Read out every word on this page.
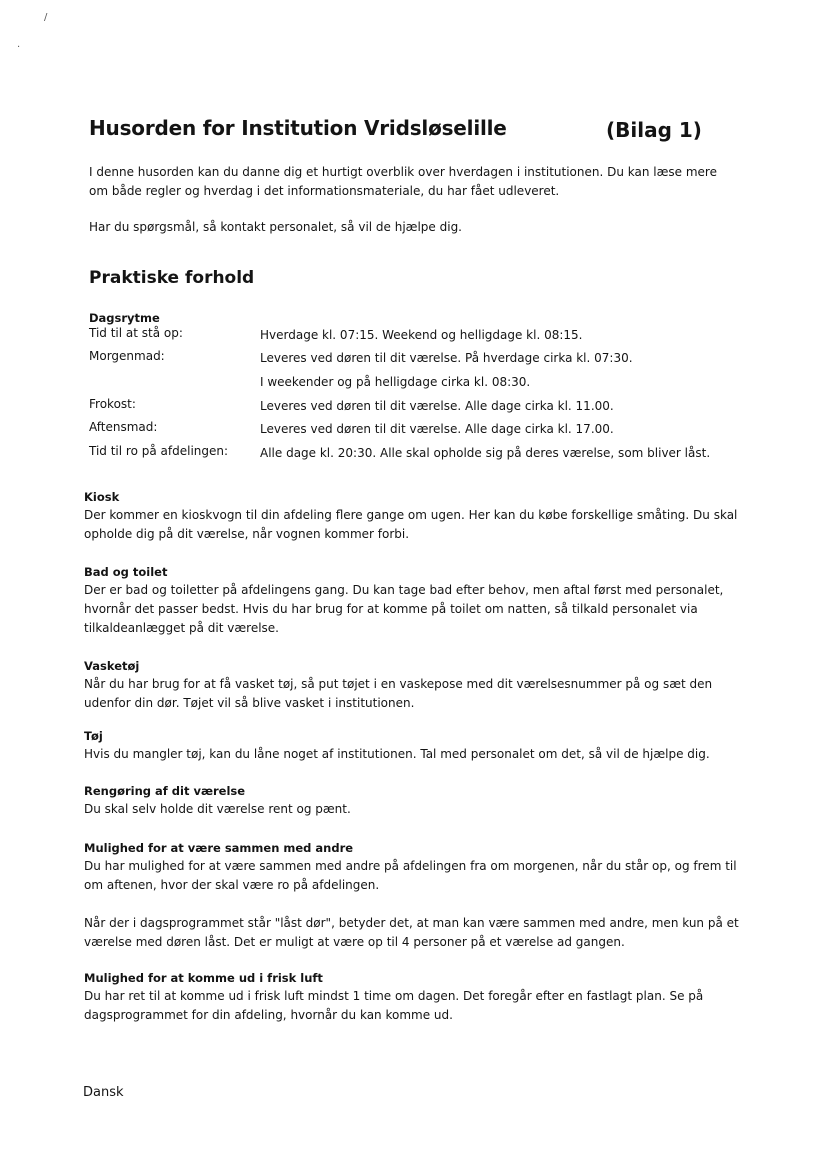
/
·
Husorden for Institution Vridsløselille	(Bilag 1)
I denne husorden kan du danne dig et hurtigt overblik over hverdagen i institutionen. Du kan læse mere om både regler og hverdag i det informationsmateriale, du har fået udleveret.
Har du spørgsmål, så kontakt personalet, så vil de hjælpe dig.
Praktiske forhold
Dagsrytme
Tid til at stå op:	Hverdage kl. 07:15. Weekend og helligdage kl. 08:15.
Morgenmad:	Leveres ved døren til dit værelse. På hverdage cirka kl. 07:30.
I weekender og på helligdage cirka kl. 08:30.
Frokost:	Leveres ved døren til dit værelse. Alle dage cirka kl. 11.00.
Aftensmad:	Leveres ved døren til dit værelse. Alle dage cirka kl. 17.00.
Tid til ro på afdelingen:	Alle dage kl. 20:30. Alle skal opholde sig på deres værelse, som bliver låst.
Kiosk
Der kommer en kioskvogn til din afdeling flere gange om ugen. Her kan du købe forskellige småting. Du skal opholde dig på dit værelse, når vognen kommer forbi.
Bad og toilet
Der er bad og toiletter på afdelingens gang. Du kan tage bad efter behov, men aftal først med personalet, hvornår det passer bedst. Hvis du har brug for at komme på toilet om natten, så tilkald personalet via tilkaldeanlægget på dit værelse.
Vasketøj
Når du har brug for at få vasket tøj, så put tøjet i en vaskepose med dit værelsesnummer på og sæt den udenfor din dør. Tøjet vil så blive vasket i institutionen.
Tøj
Hvis du mangler tøj, kan du låne noget af institutionen. Tal med personalet om det, så vil de hjælpe dig.
Rengøring af dit værelse
Du skal selv holde dit værelse rent og pænt.
Mulighed for at være sammen med andre
Du har mulighed for at være sammen med andre på afdelingen fra om morgenen, når du står op, og frem til om aftenen, hvor der skal være ro på afdelingen.
Når der i dagsprogrammet står "låst dør", betyder det, at man kan være sammen med andre, men kun på et værelse med døren låst. Det er muligt at være op til 4 personer på et værelse ad gangen.
Mulighed for at komme ud i frisk luft
Du har ret til at komme ud i frisk luft mindst 1 time om dagen. Det foregår efter en fastlagt plan. Se på dagsprogrammet for din afdeling, hvornår du kan komme ud.
Dansk
